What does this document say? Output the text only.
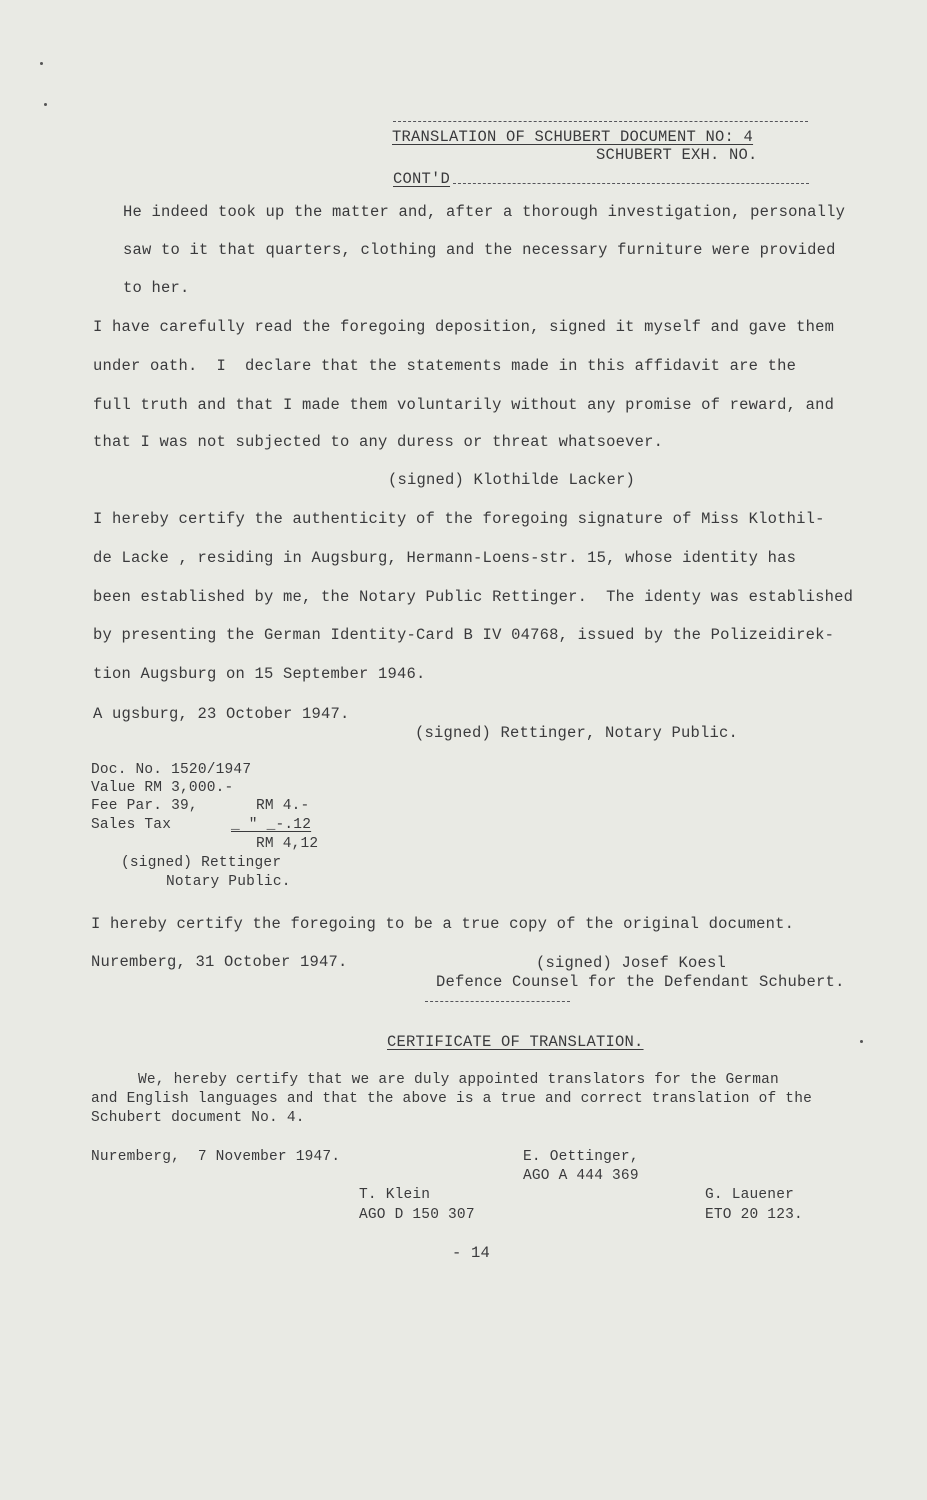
TRANSLATION OF SCHUBERT DOCUMENT NO: 4
SCHUBERT EXH. NO.
CONT'D
He indeed took up the matter and, after a thorough investigation, personally
saw to it that quarters, clothing and the necessary furniture were provided
to her.
I have carefully read the foregoing deposition, signed it myself and gave them
under oath.  I  declare that the statements made in this affidavit are the
full truth and that I made them voluntarily without any promise of reward, and
that I was not subjected to any duress or threat whatsoever.
(signed) Klothilde Lacker)
I hereby certify the authenticity of the foregoing signature of Miss Klothil-
de Lacke , residing in Augsburg, Hermann-Loens-str. 15, whose identity has
been established by me, the Notary Public Rettinger.  The identy was established
by presenting the German Identity-Card B IV 04768, issued by the Polizeidirek-
tion Augsburg on 15 September 1946.
A ugsburg, 23 October 1947.
(signed) Rettinger, Notary Public.
Doc. No. 1520/1947
Value RM 3,000.-
Fee Par. 39,	RM 4.-
Sales Tax	_ " _-.12
RM 4,12
(signed) Rettinger
Notary Public.
I hereby certify the foregoing to be a true copy of the original document.
Nuremberg, 31 October 1947.	(signed) Josef Koesl
Defence Counsel for the Defendant Schubert.
CERTIFICATE OF TRANSLATION.
We, hereby certify that we are duly appointed translators for the German
and English languages and that the above is a true and correct translation of the
Schubert document No. 4.
Nuremberg,  7 November 1947.	E. Oettinger,
AGO A 444 369
T. Klein
AGO D 150 307
G. Lauener
ETO 20 123.
- 14
